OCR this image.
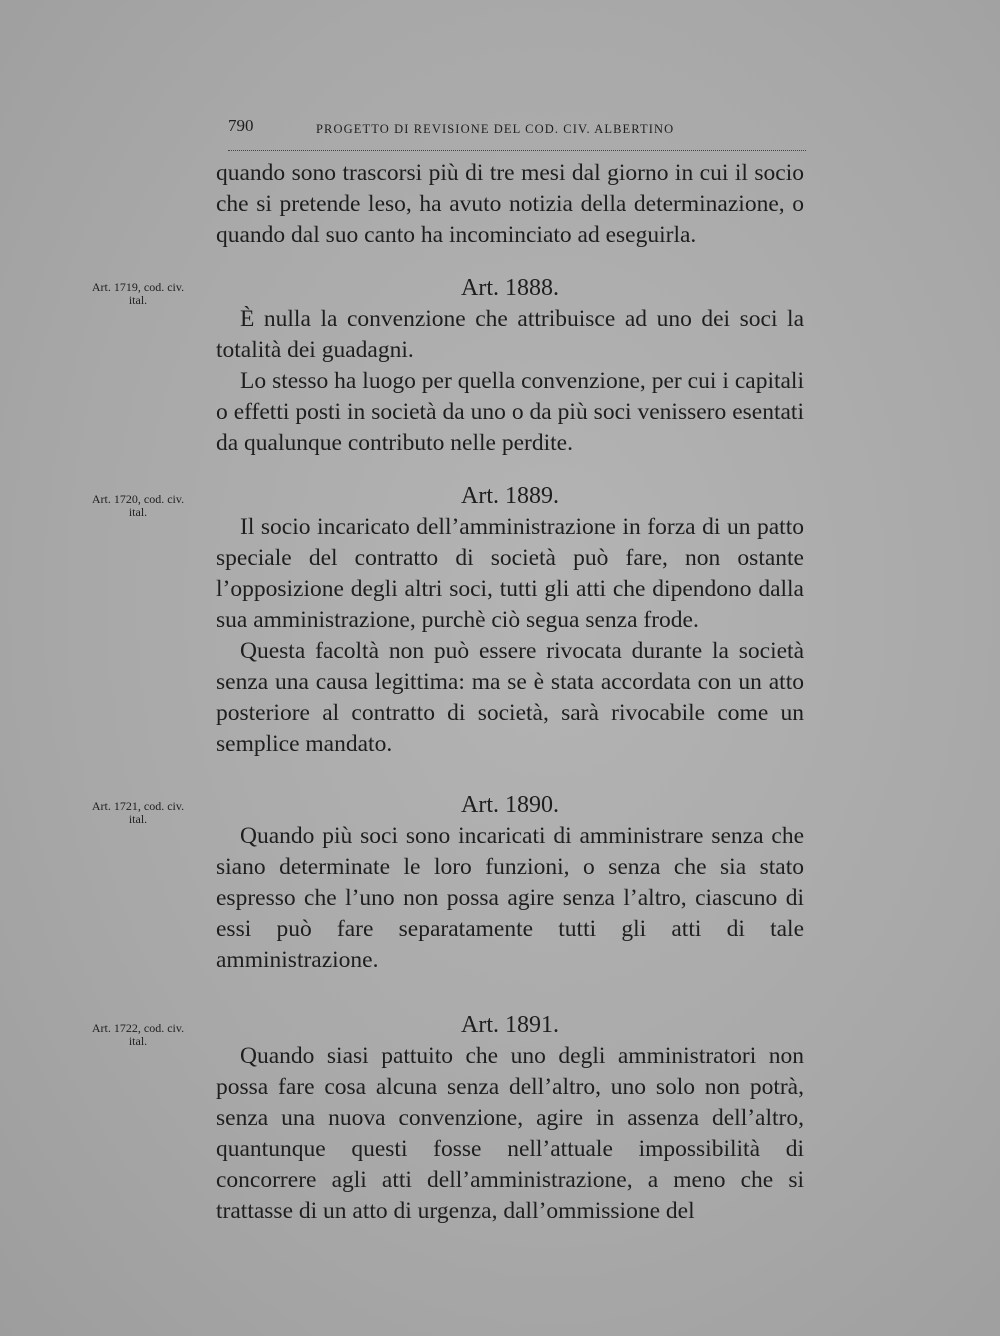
790	PROGETTO DI REVISIONE DEL COD. CIV. ALBERTINO

quando sono trascorsi più di tre mesi dal giorno in cui il socio che si pretende leso, ha avuto notizia della determinazione, o quando dal suo canto ha incominciato ad eseguirla.

Art. 1719, cod. civ. ital.	Art. 1888.

È nulla la convenzione che attribuisce ad uno dei soci la totalità dei guadagni.

Lo stesso ha luogo per quella convenzione, per cui i capitali o effetti posti in società da uno o da più soci venissero esentati da qualunque contributo nelle perdite.

Art. 1720, cod. civ. ital.

Art. 1889.

Il socio incaricato dell’amministrazione in forza di un patto speciale del contratto di società può fare, non ostante l’opposizione degli altri soci, tutti gli atti che dipendono dalla sua amministrazione, purchè ciò segua senza frode.

Questa facoltà non può essere rivocata durante la società senza una causa legittima: ma se è stata accordata con un atto posteriore al contratto di società, sarà rivocabile come un semplice mandato.

Art. 1721, cod. civ. ital.

Art. 1890.

Quando più soci sono incaricati di amministrare senza che siano determinate le loro funzioni, o senza che sia stato espresso che l’uno non possa agire senza l’altro, ciascuno di essi può fare separatamente tutti gli atti di tale amministrazione.

Art. 1722, cod. civ. ital.

Art. 1891.

Quando siasi pattuito che uno degli amministratori non possa fare cosa alcuna senza dell’altro, uno solo non potrà, senza una nuova convenzione, agire in assenza dell’altro, quantunque questi fosse nell’attuale impossibilità di concorrere agli atti dell’amministrazione, a meno che si trattasse di un atto di urgenza, dall’ommissione del
